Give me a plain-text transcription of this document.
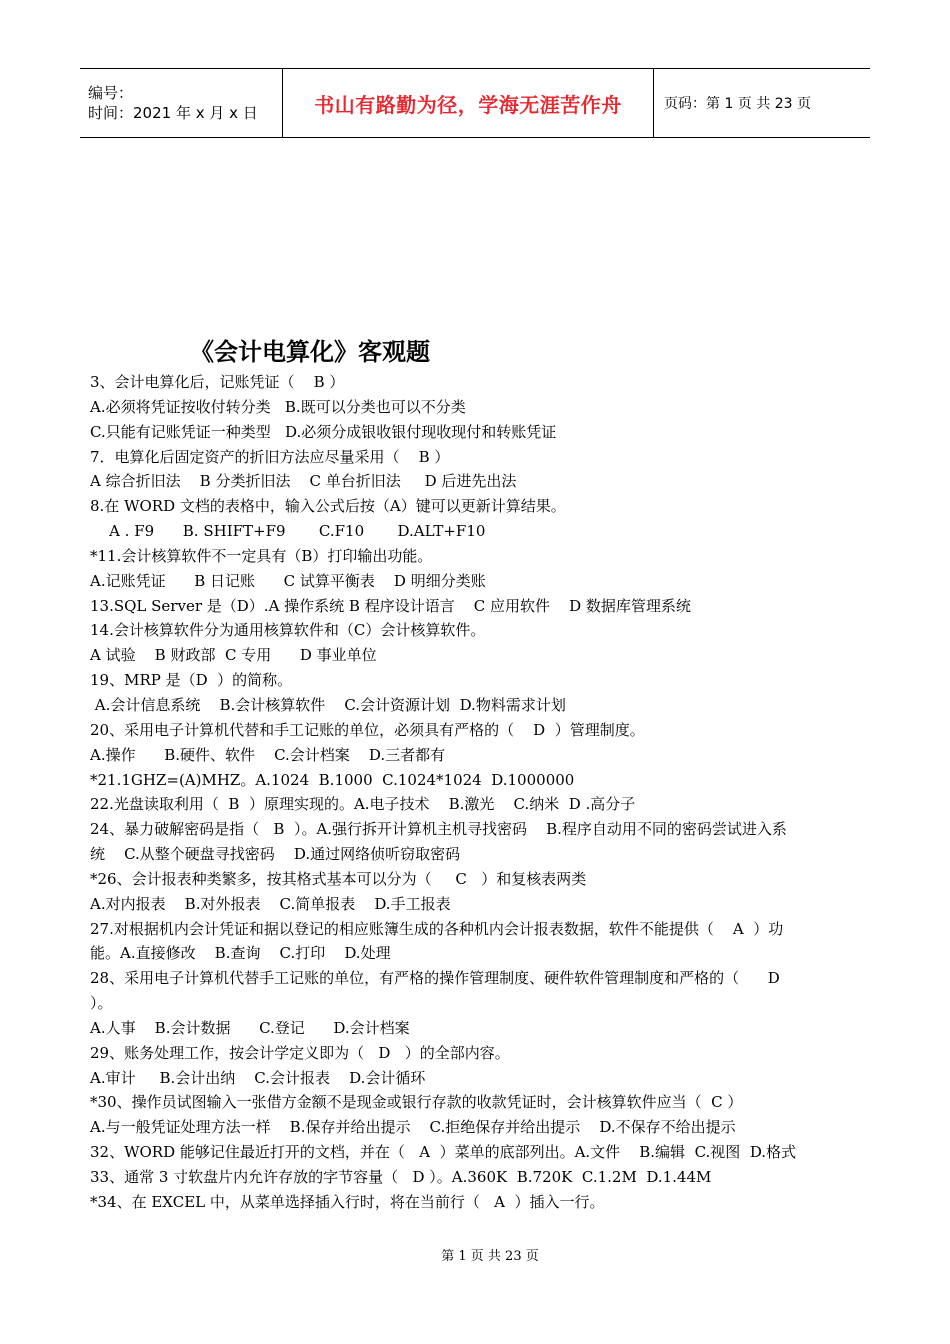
编号：
时间：2021 年 x 月 x 日	书山有路勤为径，学海无涯苦作舟	页码：第 1 页 共 23 页
《会计电算化》客观题
3、会计电算化后，记账凭证（    B ）
A.必须将凭证按收付转分类   B.既可以分类也可以不分类
C.只能有记账凭证一种类型   D.必须分成银收银付现收现付和转账凭证
7．电算化后固定资产的折旧方法应尽量采用（    B ）
A 综合折旧法    B 分类折旧法    C 单台折旧法     D 后进先出法
8.在 WORD 文档的表格中，输入公式后按（A）键可以更新计算结果。
A . F9      B. SHIFT+F9       C.F10       D.ALT+F10
*11.会计核算软件不一定具有（B）打印输出功能。
A.记账凭证      B 日记账      C 试算平衡表    D 明细分类账
13.SQL Server 是（D）.A 操作系统 B 程序设计语言    C 应用软件    D 数据库管理系统
14.会计核算软件分为通用核算软件和（C）会计核算软件。
A 试验    B 财政部  C 专用      D 事业单位
19、MRP 是（D  ）的简称。
A.会计信息系统    B.会计核算软件    C.会计资源计划  D.物料需求计划
20、采用电子计算机代替和手工记账的单位，必须具有严格的（    D  ）管理制度。
A.操作      B.硬件、软件    C.会计档案    D.三者都有
*21.1GHZ=(A)MHZ。A.1024  B.1000  C.1024*1024  D.1000000
22.光盘读取利用（  B  ）原理实现的。A.电子技术    B.激光    C.纳米  D .高分子
24、暴力破解密码是指（   B  ）。A.强行拆开计算机主机寻找密码    B.程序自动用不同的密码尝试进入系
统    C.从整个硬盘寻找密码    D.通过网络侦听窃取密码
*26、会计报表种类繁多，按其格式基本可以分为（     C   ）和复核表两类
A.对内报表    B.对外报表    C.简单报表    D.手工报表
27.对根据机内会计凭证和据以登记的相应账簿生成的各种机内会计报表数据，软件不能提供（    A  ）功
能。A.直接修改    B.查询    C.打印    D.处理
28、采用电子计算机代替手工记账的单位，有严格的操作管理制度、硬件软件管理制度和严格的（      D
）。
A.人事    B.会计数据      C.登记      D.会计档案
29、账务处理工作，按会计学定义即为（   D   ）的全部内容。
A.审计     B.会计出纳    C.会计报表    D.会计循环
*30、操作员试图输入一张借方金额不是现金或银行存款的收款凭证时，会计核算软件应当（  C ）
A.与一般凭证处理方法一样    B.保存并给出提示    C.拒绝保存并给出提示    D.不保存不给出提示
32、WORD 能够记住最近打开的文档，并在（   A  ）菜单的底部列出。A.文件    B.编辑  C.视图  D.格式
33、通常 3 寸软盘片内允许存放的字节容量（   D ）。A.360K  B.720K  C.1.2M  D.1.44M
*34、在 EXCEL 中，从菜单选择插入行时，将在当前行（   A  ）插入一行。
第 1 页 共 23 页
